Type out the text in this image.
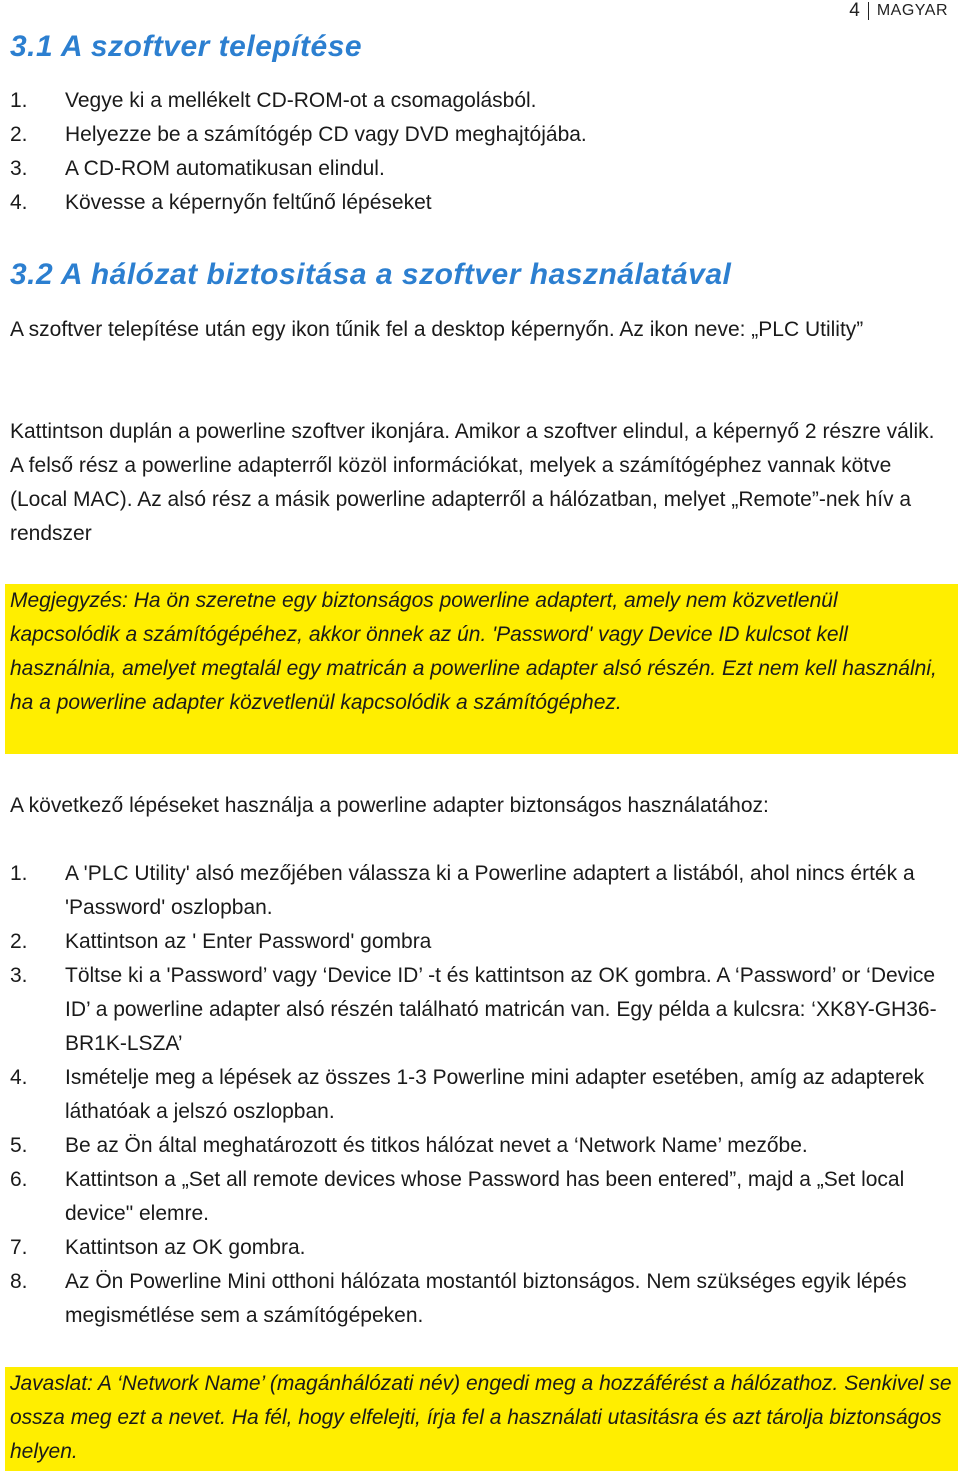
4	MAGYAR
3.1 A szoftver telepítése
1.	Vegye ki a mellékelt CD-ROM-ot a csomagolásból.
2.	Helyezze be a számítógép CD vagy DVD meghajtójába.
3.	A CD-ROM automatikusan elindul.
4.	Kövesse a képernyőn feltűnő lépéseket
3.2 A hálózat biztositása a szoftver használatával

A szoftver telepítése után egy ikon tűnik fel a desktop képernyőn. Az ikon neve: „PLC Utility”

Kattintson duplán a powerline szoftver ikonjára. Amikor a szoftver elindul, a képernyő 2 részre válik. A felső rész a powerline adapterről közöl információkat, melyek a számítógéphez vannak kötve (Local MAC). Az alsó rész a másik powerline adapterről a hálózatban, melyet „Remote”-nek hív a rendszer

Megjegyzés: Ha ön szeretne egy biztonságos powerline adaptert, amely nem közvetlenül kapcsolódik a számítógépéhez, akkor önnek az ún. 'Password' vagy Device ID kulcsot kell használnia, amelyet megtalál egy matricán a powerline adapter alsó részén. Ezt nem kell használni, ha a powerline adapter közvetlenül kapcsolódik a számítógéphez.

A következő lépéseket használja a powerline adapter biztonságos használatához:

1.	A 'PLC Utility' alsó mezőjében válassza ki a Powerline adaptert a listából, ahol nincs érték a 'Password' oszlopban.
2.	Kattintson az ' Enter Password' gombra
3.	Töltse ki a 'Password’ vagy ‘Device ID’ -t és kattintson az OK gombra. A ‘Password’ or ‘Device ID’ a powerline adapter alsó részén található matricán van. Egy példa a kulcsra: ‘XK8Y-GH36-BR1K-LSZA’
4.	Ismételje meg a lépések az összes 1-3 Powerline mini adapter esetében, amíg az adapterek láthatóak a jelszó oszlopban.
5.	Be az Ön által meghatározott és titkos hálózat nevet a ‘Network Name’ mezőbe.
6.	Kattintson a „Set all remote devices whose Password has been entered”, majd a „Set local device" elemre.
7.	Kattintson az OK gombra.
8.	Az Ön Powerline Mini otthoni hálózata mostantól biztonságos. Nem szükséges egyik lépés megismétlése sem a számítógépeken.

Javaslat: A ‘Network Name’ (magánhálózati név) engedi meg a hozzáférést a hálózathoz. Senkivel se ossza meg ezt a nevet. Ha fél, hogy elfelejti, írja fel a használati utasitásra és azt tárolja biztonságos helyen.
